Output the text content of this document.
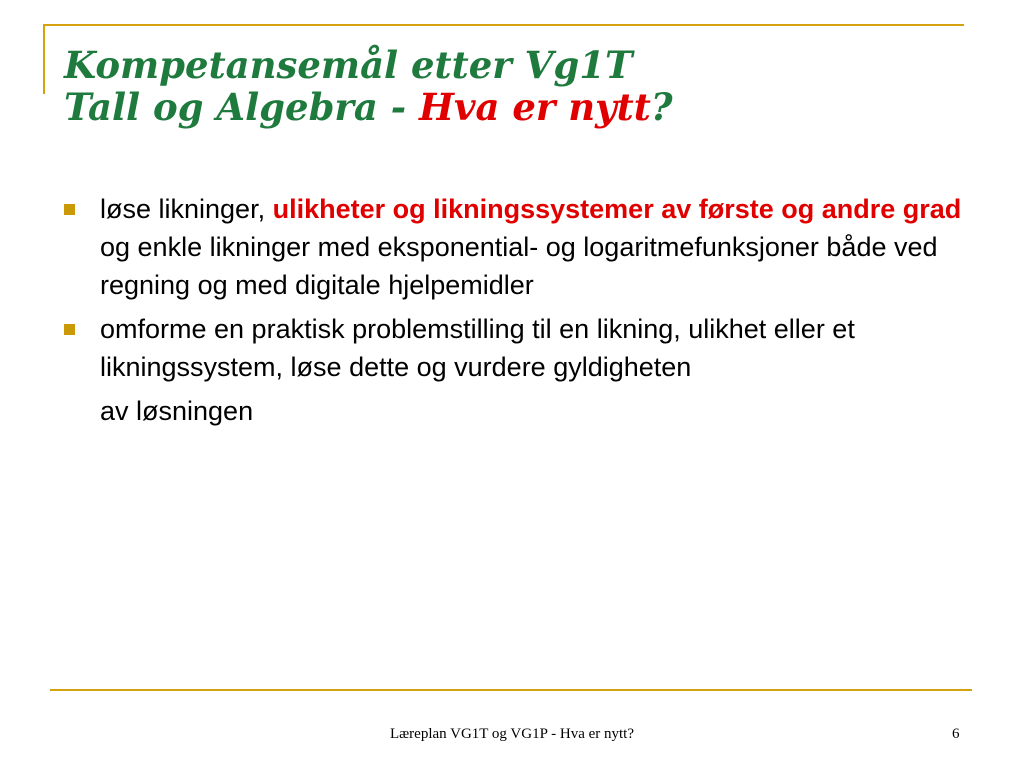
Kompetansemål etter Vg1T
Tall og Algebra - Hva er nytt?
løse likninger, ulikheter og likningssystemer av første og andre grad og enkle likninger med eksponential- og logaritmefunksjoner både ved regning og med digitale hjelpemidler
omforme en praktisk problemstilling til en likning, ulikhet eller et likningssystem, løse dette og vurdere gyldigheten
av løsningen
Læreplan VG1T og VG1P - Hva er nytt?	6
